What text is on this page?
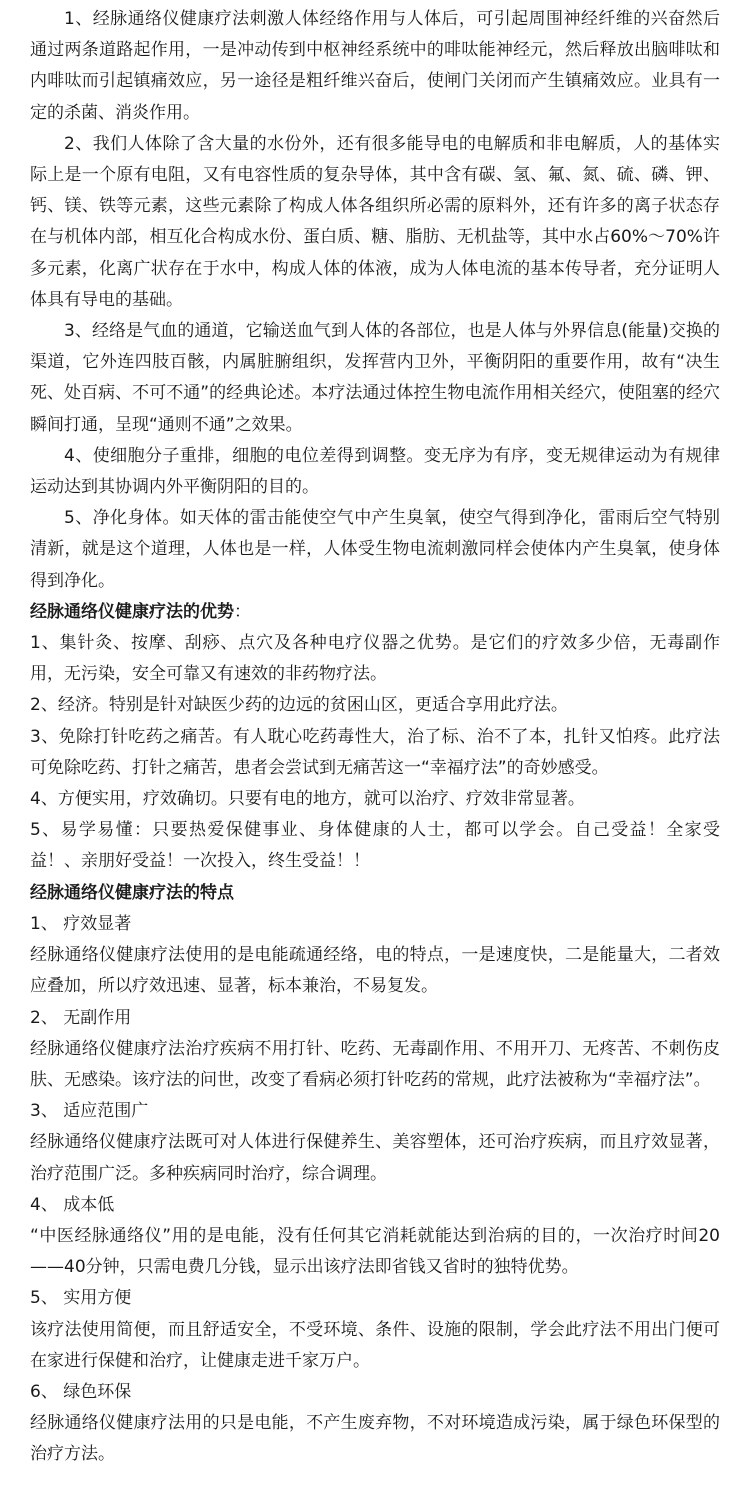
1、经脉通络仪健康疗法刺激人体经络作用与人体后，可引起周围神经纤维的兴奋然后通过两条道路起作用，一是冲动传到中枢神经系统中的啡呔能神经元，然后释放出脑啡呔和内啡呔而引起镇痛效应，另一途径是粗纤维兴奋后，使闸门关闭而产生镇痛效应。业具有一定的杀菌、消炎作用。

2、我们人体除了含大量的水份外，还有很多能导电的电解质和非电解质，人的基体实际上是一个原有电阻，又有电容性质的复杂导体，其中含有碳、氢、氟、氮、硫、磷、钾、钙、镁、铁等元素，这些元素除了构成人体各组织所必需的原料外，还有许多的离子状态存在与机体内部，相互化合构成水份、蛋白质、糖、脂肪、无机盐等，其中水占60%～70%许多元素，化离广状存在于水中，构成人体的体液，成为人体电流的基本传导者，充分证明人体具有导电的基础。

3、经络是气血的通道，它输送血气到人体的各部位，也是人体与外界信息(能量)交换的渠道，它外连四肢百骸，内属脏腑组织，发挥营内卫外，平衡阴阳的重要作用，故有“决生死、处百病、不可不通”的经典论述。本疗法通过体控生物电流作用相关经穴，使阻塞的经穴瞬间打通，呈现“通则不通”之效果。

4、使细胞分子重排，细胞的电位差得到调整。变无序为有序，变无规律运动为有规律运动达到其协调内外平衡阴阳的目的。

5、净化身体。如天体的雷击能使空气中产生臭氧，使空气得到净化，雷雨后空气特别清新，就是这个道理，人体也是一样，人体受生物电流刺激同样会使体内产生臭氧，使身体得到净化。

经脉通络仪健康疗法的优势：

1、集针灸、按摩、刮痧、点穴及各种电疗仪器之优势。是它们的疗效多少倍，无毒副作用，无污染，安全可靠又有速效的非药物疗法。

2、经济。特别是针对缺医少药的边远的贫困山区，更适合享用此疗法。

3、免除打针吃药之痛苦。有人耽心吃药毒性大，治了标、治不了本，扎针又怕疼。此疗法可免除吃药、打针之痛苦，患者会尝试到无痛苦这一“幸福疗法”的奇妙感受。

4、方便实用，疗效确切。只要有电的地方，就可以治疗、疗效非常显著。

5、易学易懂：只要热爱保健事业、身体健康的人士，都可以学会。自己受益！全家受益！、亲朋好受益！一次投入，终生受益！！

经脉通络仪健康疗法的特点

1、 疗效显著

经脉通络仪健康疗法使用的是电能疏通经络，电的特点，一是速度快，二是能量大，二者效应叠加，所以疗效迅速、显著，标本兼治，不易复发。

2、 无副作用

经脉通络仪健康疗法治疗疾病不用打针、吃药、无毒副作用、不用开刀、无疼苦、不刺伤皮肤、无感染。该疗法的问世，改变了看病必须打针吃药的常规，此疗法被称为“幸福疗法”。

3、 适应范围广

经脉通络仪健康疗法既可对人体进行保健养生、美容塑体，还可治疗疾病，而且疗效显著，治疗范围广泛。多种疾病同时治疗，综合调理。

4、 成本低

“中医经脉通络仪”用的是电能，没有任何其它消耗就能达到治病的目的，一次治疗时间20——40分钟，只需电费几分钱，显示出该疗法即省钱又省时的独特优势。

5、 实用方便

该疗法使用简便，而且舒适安全，不受环境、条件、设施的限制，学会此疗法不用出门便可在家进行保健和治疗，让健康走进千家万户。

6、 绿色环保

经脉通络仪健康疗法用的只是电能，不产生废弃物，不对环境造成污染，属于绿色环保型的治疗方法。
